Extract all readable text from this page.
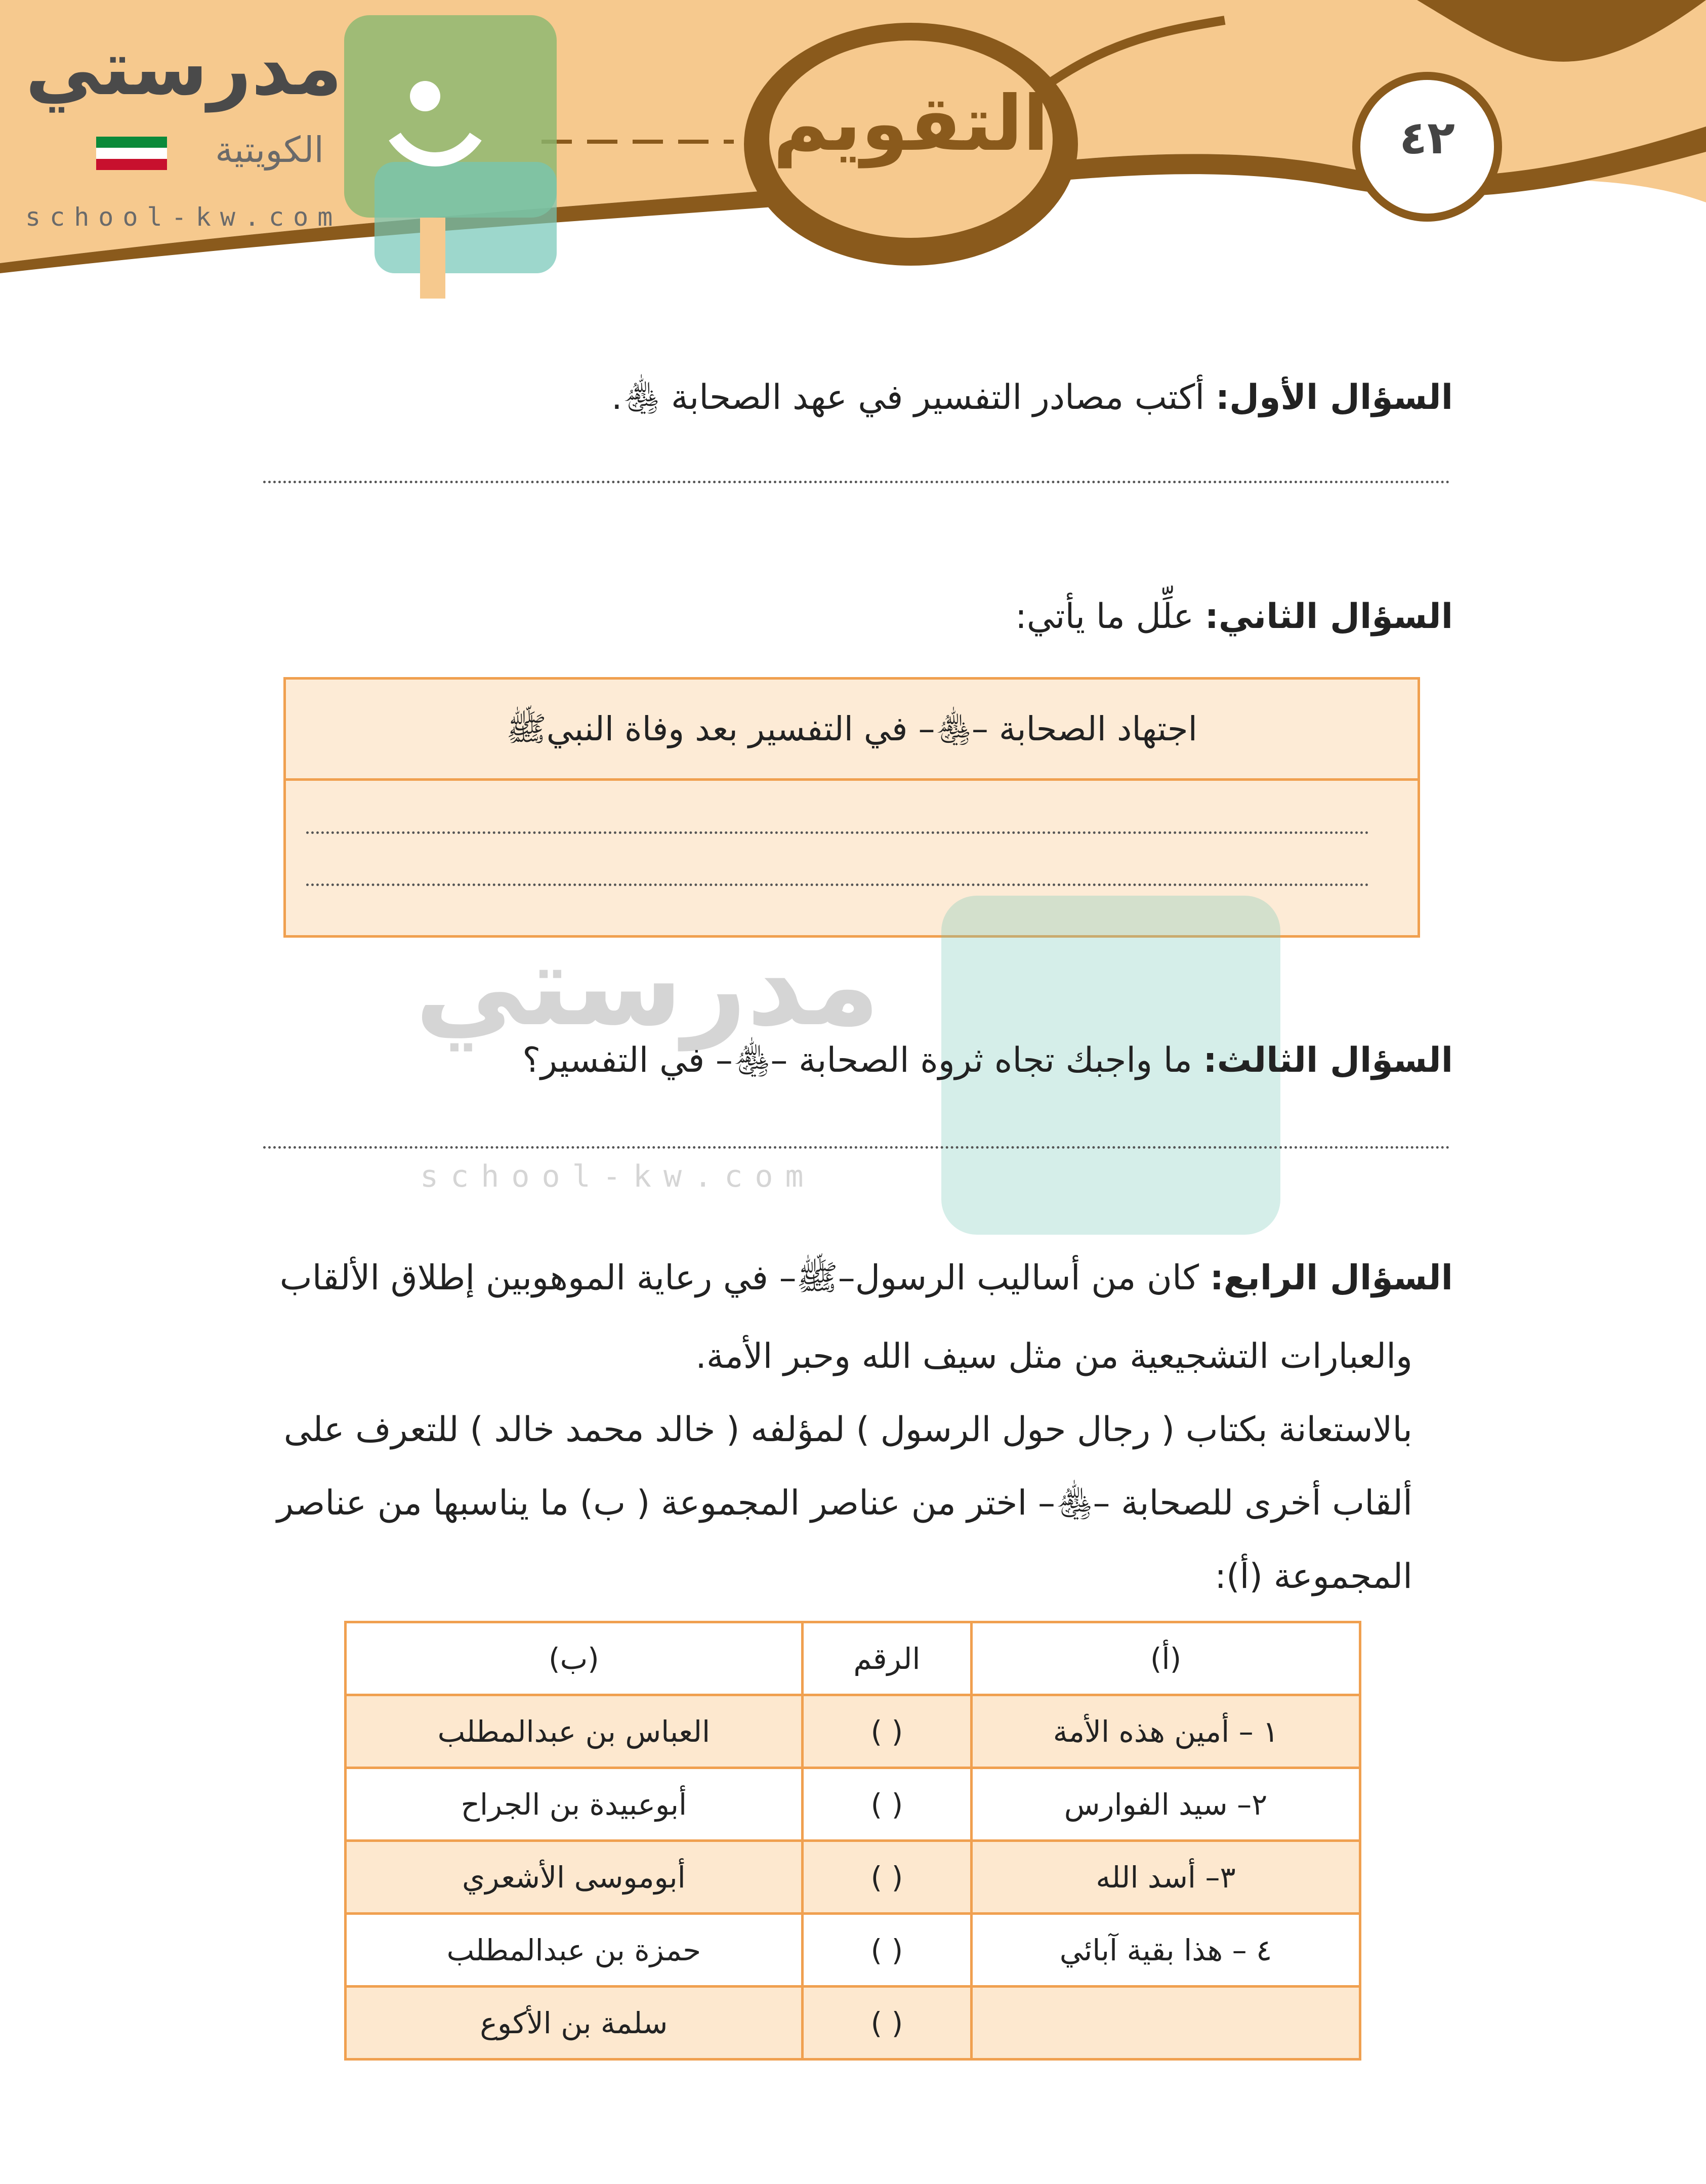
مدرستي
الكويتية
school-kw.com
التقويم	٤٢
السؤال الأول: أكتب مصادر التفسير في عهد الصحابة ﵃.
السؤال الثاني: علِّل ما يأتي:
اجتهاد الصحابة –﵃– في التفسير بعد وفاة النبيﷺ
مدرستي
school-kw.com
السؤال الثالث: ما واجبك تجاه ثروة الصحابة –﵃– في التفسير؟
السؤال الرابع: كان من أساليب الرسول–ﷺ– في رعاية الموهوبين إطلاق الألقاب
والعبارات التشجيعية من مثل سيف الله وحبر الأمة.
بالاستعانة بكتاب ( رجال حول الرسول ) لمؤلفه ( خالد محمد خالد ) للتعرف على
ألقاب أخرى للصحابة –﵃– اختر من عناصر المجموعة ( ب) ما يناسبها من عناصر
المجموعة (أ):
(أ)	الرقم	(ب)
١ – أمين هذه الأمة	( )	العباس بن عبدالمطلب
٢– سيد الفوارس	( )	أبوعبيدة بن الجراح
٣– أسد الله	( )	أبوموسى الأشعري
٤ – هذا بقية آبائي	( )	حمزة بن عبدالمطلب
	( )	سلمة بن الأكوع
